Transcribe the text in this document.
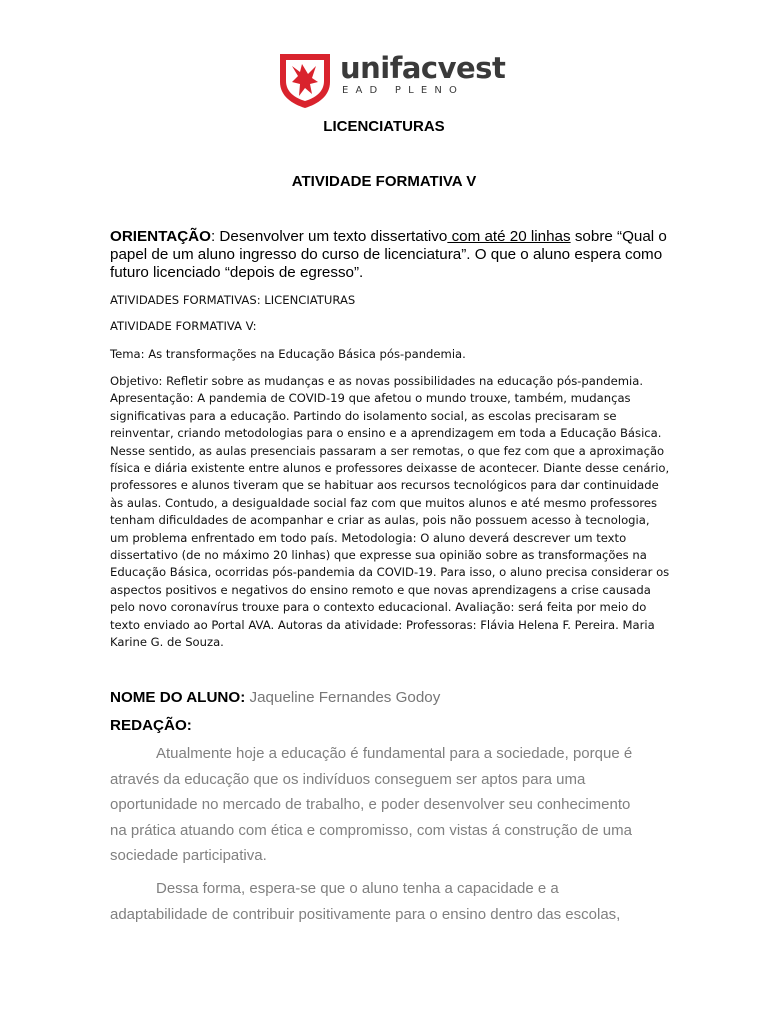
unifacvest
EAD PLENO
LICENCIATURAS
ATIVIDADE FORMATIVA V
ORIENTAÇÃO: Desenvolver um texto dissertativo com até 20 linhas sobre “Qual o papel de um aluno ingresso do curso de licenciatura”. O que o aluno espera como futuro licenciado “depois de egresso”.
ATIVIDADES FORMATIVAS: LICENCIATURAS
ATIVIDADE FORMATIVA V:
Tema: As transformações na Educação Básica pós-pandemia.
Objetivo: Refletir sobre as mudanças e as novas possibilidades na educação pós-pandemia. Apresentação: A pandemia de COVID-19 que afetou o mundo trouxe, também, mudanças significativas para a educação. Partindo do isolamento social, as escolas precisaram se reinventar, criando metodologias para o ensino e a aprendizagem em toda a Educação Básica. Nesse sentido, as aulas presenciais passaram a ser remotas, o que fez com que a aproximação física e diária existente entre alunos e professores deixasse de acontecer. Diante desse cenário, professores e alunos tiveram que se habituar aos recursos tecnológicos para dar continuidade às aulas. Contudo, a desigualdade social faz com que muitos alunos e até mesmo professores tenham dificuldades de acompanhar e criar as aulas, pois não possuem acesso à tecnologia, um problema enfrentado em todo país. Metodologia: O aluno deverá descrever um texto dissertativo (de no máximo 20 linhas) que expresse sua opinião sobre as transformações na Educação Básica, ocorridas pós-pandemia da COVID-19. Para isso, o aluno precisa considerar os aspectos positivos e negativos do ensino remoto e que novas aprendizagens a crise causada pelo novo coronavírus trouxe para o contexto educacional. Avaliação: será feita por meio do texto enviado ao Portal AVA. Autoras da atividade: Professoras: Flávia Helena F. Pereira. Maria Karine G. de Souza.
NOME DO ALUNO: Jaqueline Fernandes Godoy
REDAÇÃO:
Atualmente hoje a educação é fundamental para a sociedade, porque é através da educação que os indivíduos conseguem ser aptos para uma oportunidade no mercado de trabalho, e poder desenvolver seu conhecimento na prática atuando com ética e compromisso, com vistas á construção de uma sociedade participativa.
Dessa forma, espera-se que o aluno tenha a capacidade e a adaptabilidade de contribuir positivamente para o ensino dentro das escolas,
